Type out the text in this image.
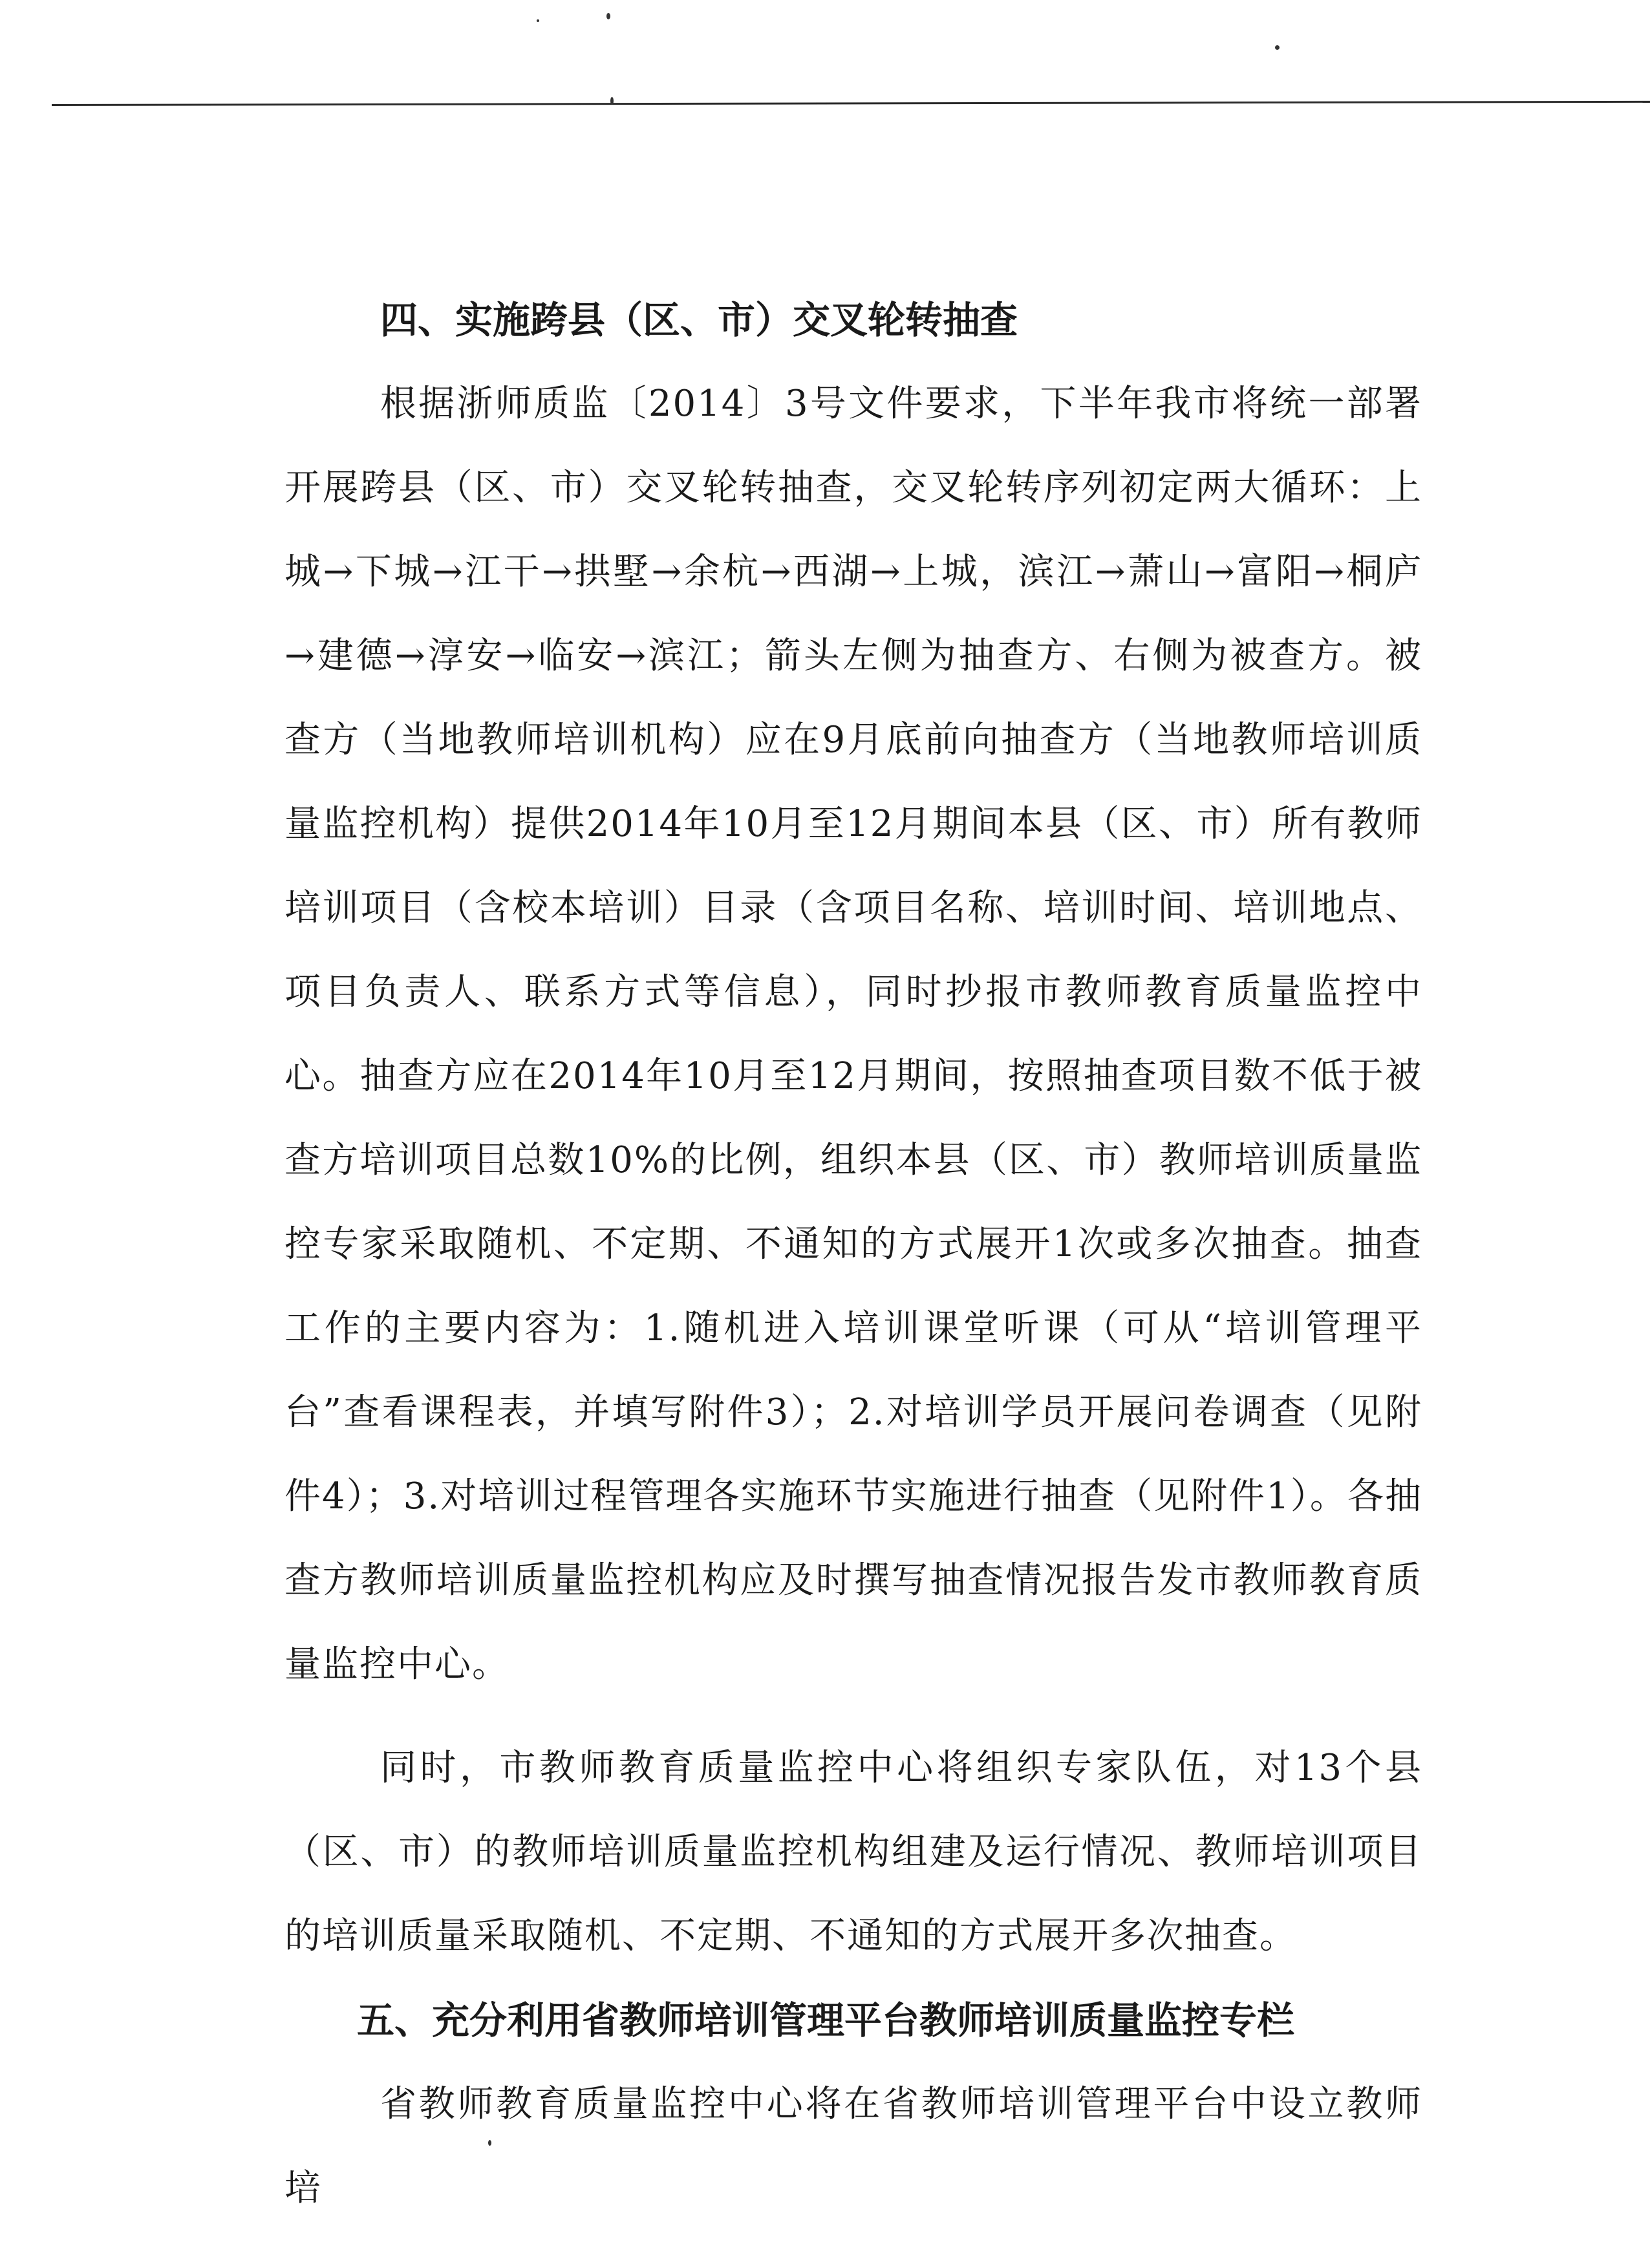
四、实施跨县（区、市）交叉轮转抽查

根据浙师质监〔2014〕3号文件要求，下半年我市将统一部署开展跨县（区、市）交叉轮转抽查，交叉轮转序列初定两大循环：上城→下城→江干→拱墅→余杭→西湖→上城，滨江→萧山→富阳→桐庐→建德→淳安→临安→滨江；箭头左侧为抽查方、右侧为被查方。被查方（当地教师培训机构）应在9月底前向抽查方（当地教师培训质量监控机构）提供2014年10月至12月期间本县（区、市）所有教师培训项目（含校本培训）目录（含项目名称、培训时间、培训地点、项目负责人、联系方式等信息），同时抄报市教师教育质量监控中心。抽查方应在2014年10月至12月期间，按照抽查项目数不低于被查方培训项目总数10%的比例，组织本县（区、市）教师培训质量监控专家采取随机、不定期、不通知的方式展开1次或多次抽查。抽查工作的主要内容为：1.随机进入培训课堂听课（可从“培训管理平台”查看课程表，并填写附件3）；2.对培训学员开展问卷调查（见附件4）；3.对培训过程管理各实施环节实施进行抽查（见附件1）。各抽查方教师培训质量监控机构应及时撰写抽查情况报告发市教师教育质量监控中心。

同时，市教师教育质量监控中心将组织专家队伍，对13个县（区、市）的教师培训质量监控机构组建及运行情况、教师培训项目的培训质量采取随机、不定期、不通知的方式展开多次抽查。

五、充分利用省教师培训管理平台教师培训质量监控专栏

省教师教育质量监控中心将在省教师培训管理平台中设立教师培
